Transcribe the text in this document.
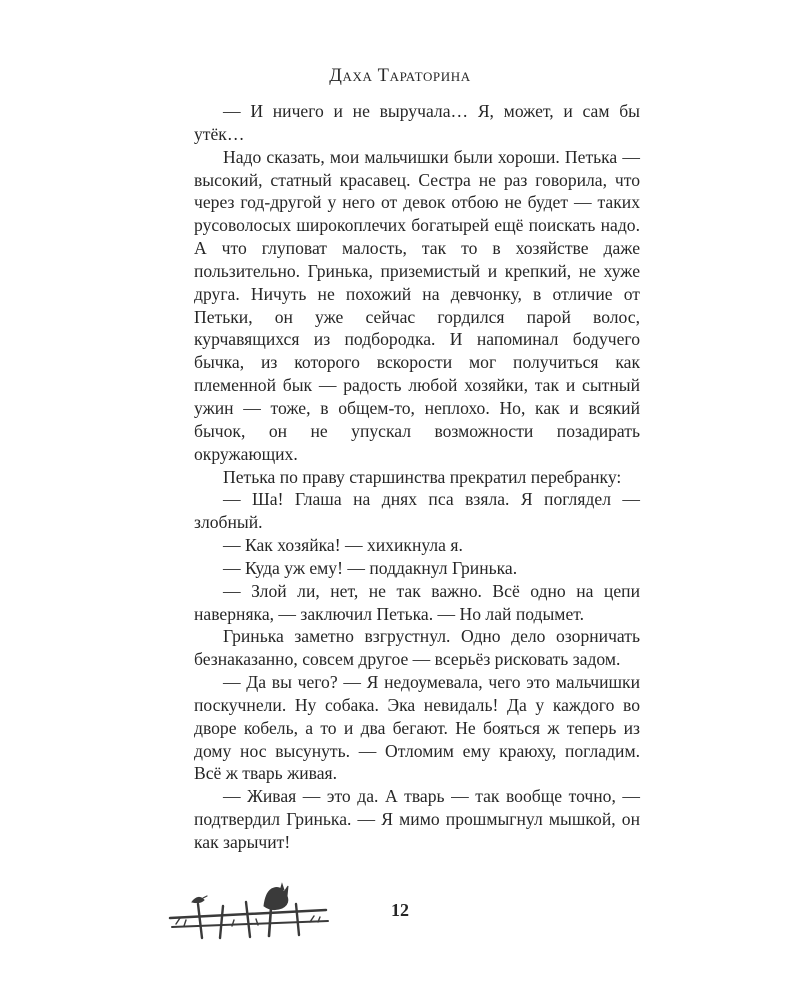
Даха Тараторина

— И ничего и не выручала… Я, может, и сам бы утёк…

Надо сказать, мои мальчишки были хороши. Петька — высокий, статный красавец. Сестра не раз говорила, что через год-другой у него от девок отбою не будет — таких русоволосых широкоплечих богатырей ещё поискать надо. А что глуповат малость, так то в хозяйстве даже пользительно. Гринька, приземистый и крепкий, не хуже друга. Ничуть не похожий на девчонку, в отличие от Петьки, он уже сейчас гордился парой волос, курчавящихся из подбородка. И напоминал бодучего бычка, из которого вскорости мог получиться как племенной бык — радость любой хозяйки, так и сытный ужин — тоже, в общем-то, неплохо. Но, как и всякий бычок, он не упускал возможности позадирать окружающих.

Петька по праву старшинства прекратил перебранку:

— Ша! Глаша на днях пса взяла. Я поглядел — злобный.

— Как хозяйка! — хихикнула я.

— Куда уж ему! — поддакнул Гринька.

— Злой ли, нет, не так важно. Всё одно на цепи наверняка, — заключил Петька. — Но лай подымет.

Гринька заметно взгрустнул. Одно дело озорничать безнаказанно, совсем другое — всерьёз рисковать задом.

— Да вы чего? — Я недоумевала, чего это мальчишки поскучнели. Ну собака. Эка невидаль! Да у каждого во дворе кобель, а то и два бегают. Не бояться ж теперь из дому нос высунуть. — Отломим ему краюху, погладим. Всё ж тварь живая.

— Живая — это да. А тварь — так вообще точно, — подтвердил Гринька. — Я мимо прошмыгнул мышкой, он как зарычит!

12
